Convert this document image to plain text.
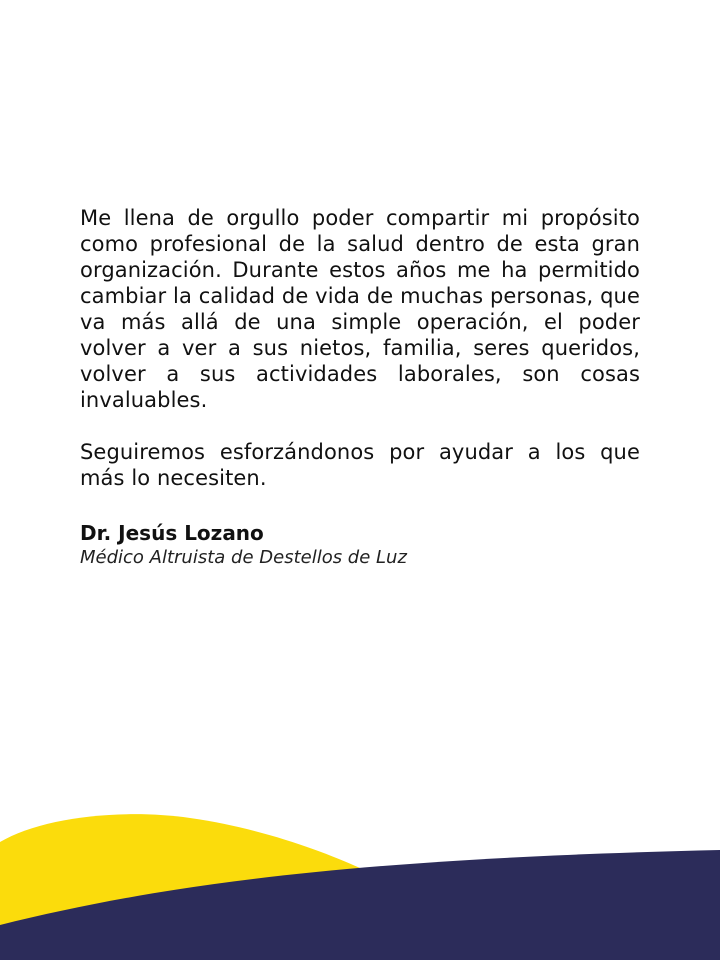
Me llena de orgullo poder compartir mi propósito como profesional de la salud dentro de esta gran organización. Durante estos años me ha permitido cambiar la calidad de vida de muchas personas, que va más allá de una simple operación, el poder volver a ver a sus nietos, familia, seres queridos, volver a sus actividades laborales, son cosas invaluables.

Seguiremos esforzándonos por ayudar a los que más lo necesiten.

Dr. Jesús Lozano

Médico Altruista de Destellos de Luz
